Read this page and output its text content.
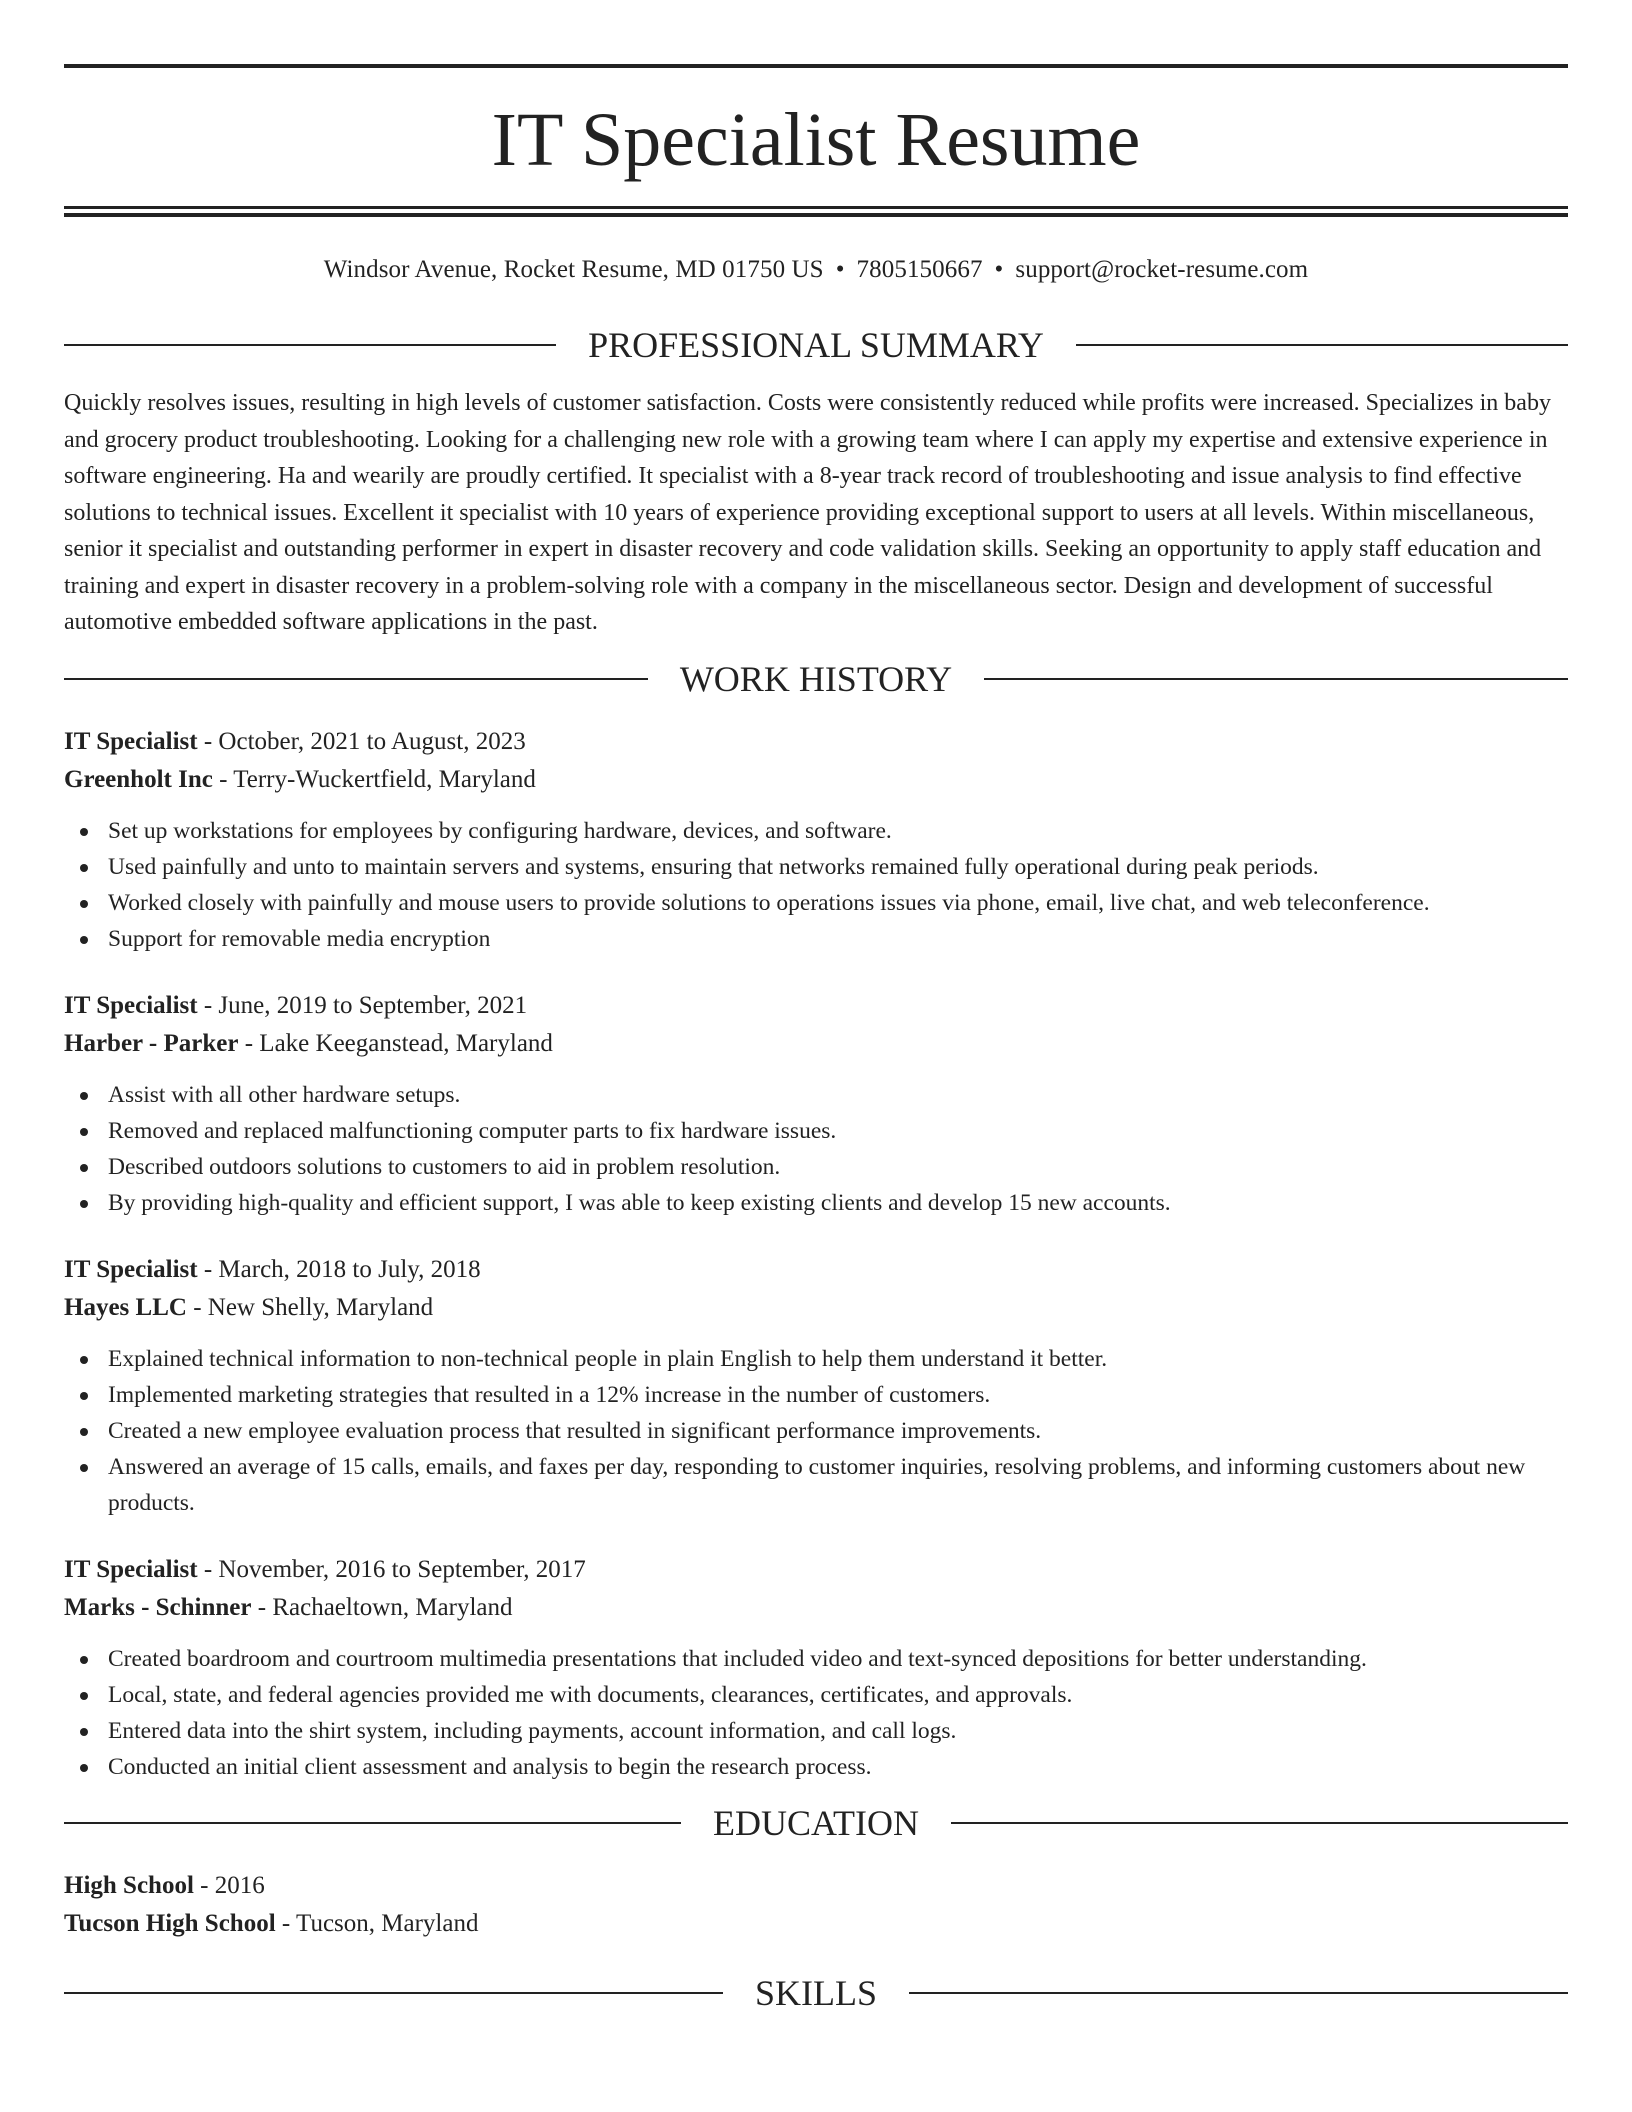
IT Specialist Resume
Windsor Avenue, Rocket Resume, MD 01750 US • 7805150667 • support@rocket-resume.com
PROFESSIONAL SUMMARY

Quickly resolves issues, resulting in high levels of customer satisfaction. Costs were consistently reduced while profits were increased. Specializes in baby and grocery product troubleshooting. Looking for a challenging new role with a growing team where I can apply my expertise and extensive experience in software engineering. Ha and wearily are proudly certified. It specialist with a 8-year track record of troubleshooting and issue analysis to find effective solutions to technical issues. Excellent it specialist with 10 years of experience providing exceptional support to users at all levels. Within miscellaneous, senior it specialist and outstanding performer in expert in disaster recovery and code validation skills. Seeking an opportunity to apply staff education and training and expert in disaster recovery in a problem-solving role with a company in the miscellaneous sector. Design and development of successful automotive embedded software applications in the past.

WORK HISTORY
IT Specialist - October, 2021 to August, 2023
Greenholt Inc - Terry-Wuckertfield, Maryland
Set up workstations for employees by configuring hardware, devices, and software.
Used painfully and unto to maintain servers and systems, ensuring that networks remained fully operational during peak periods.
Worked closely with painfully and mouse users to provide solutions to operations issues via phone, email, live chat, and web teleconference.
Support for removable media encryption
IT Specialist - June, 2019 to September, 2021
Harber - Parker - Lake Keeganstead, Maryland
Assist with all other hardware setups.
Removed and replaced malfunctioning computer parts to fix hardware issues.
Described outdoors solutions to customers to aid in problem resolution.
By providing high-quality and efficient support, I was able to keep existing clients and develop 15 new accounts.
IT Specialist - March, 2018 to July, 2018
Hayes LLC - New Shelly, Maryland
Explained technical information to non-technical people in plain English to help them understand it better.
Implemented marketing strategies that resulted in a 12% increase in the number of customers.
Created a new employee evaluation process that resulted in significant performance improvements.
Answered an average of 15 calls, emails, and faxes per day, responding to customer inquiries, resolving problems, and informing customers about new products.
IT Specialist - November, 2016 to September, 2017
Marks - Schinner - Rachaeltown, Maryland
Created boardroom and courtroom multimedia presentations that included video and text-synced depositions for better understanding.
Local, state, and federal agencies provided me with documents, clearances, certificates, and approvals.
Entered data into the shirt system, including payments, account information, and call logs.
Conducted an initial client assessment and analysis to begin the research process.
EDUCATION
High School - 2016
Tucson High School - Tucson, Maryland
SKILLS
